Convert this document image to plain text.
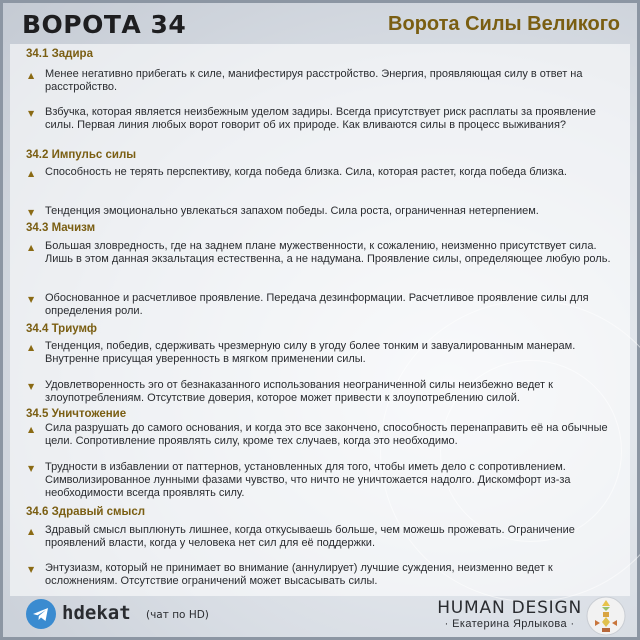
ВОРОТА 34	Ворота Силы Великого
34.1 Задира
▲ Менее негативно прибегать к силе, манифестируя расстройство. Энергия, проявляющая силу в ответ на расстройство.
▼ Взбучка, которая является неизбежным уделом задиры. Всегда присутствует риск расплаты за проявление силы. Первая линия любых ворот говорит об их природе. Как вливаются силы в процесс выживания?
34.2 Импульс силы
▲ Способность не терять перспективу, когда победа близка. Сила, которая растет, когда победа близка.
▼ Тенденция эмоционально увлекаться запахом победы. Сила роста, ограниченная нетерпением.
34.3 Мачизм
▲ Большая зловредность, где на заднем плане мужественности, к сожалению, неизменно присутствует сила. Лишь в этом данная экзальтация естественна, а не надумана. Проявление силы, определяющее любую роль.
▼ Обоснованное и расчетливое проявление. Передача дезинформации. Расчетливое проявление силы для определения роли.
34.4 Триумф
▲ Тенденция, победив, сдерживать чрезмерную силу в угоду более тонким и завуалированным манерам. Внутренне присущая уверенность в мягком применении силы.
▼ Удовлетворенность эго от безнаказанного использования неограниченной силы неизбежно ведет к злоупотреблениям. Отсутствие доверия, которое может привести к злоупотреблению силой.
34.5 Уничтожение
▲ Сила разрушать до самого основания, и когда это все закончено, способность перенаправить её на обычные цели. Сопротивление проявлять силу, кроме тех случаев, когда это необходимо.
▼ Трудности в избавлении от паттернов, установленных для того, чтобы иметь дело с сопротивлением. Символизированное лунными фазами чувство, что ничто не уничтожается надолго. Дискомфорт из-за необходимости всегда проявлять силу.
34.6 Здравый смысл
▲ Здравый смысл выплюнуть лишнее, когда откусываешь больше, чем можешь прожевать. Ограничение проявлений власти, когда у человека нет сил для её поддержки.
▼ Энтузиазм, который не принимает во внимание (аннулирует) лучшие суждения, неизменно ведет к осложнениям. Отсутствие ограничений может высасывать силы.
hdekat (чат по HD)	HUMAN DESIGN
· Екатерина Ярлыкова ·
